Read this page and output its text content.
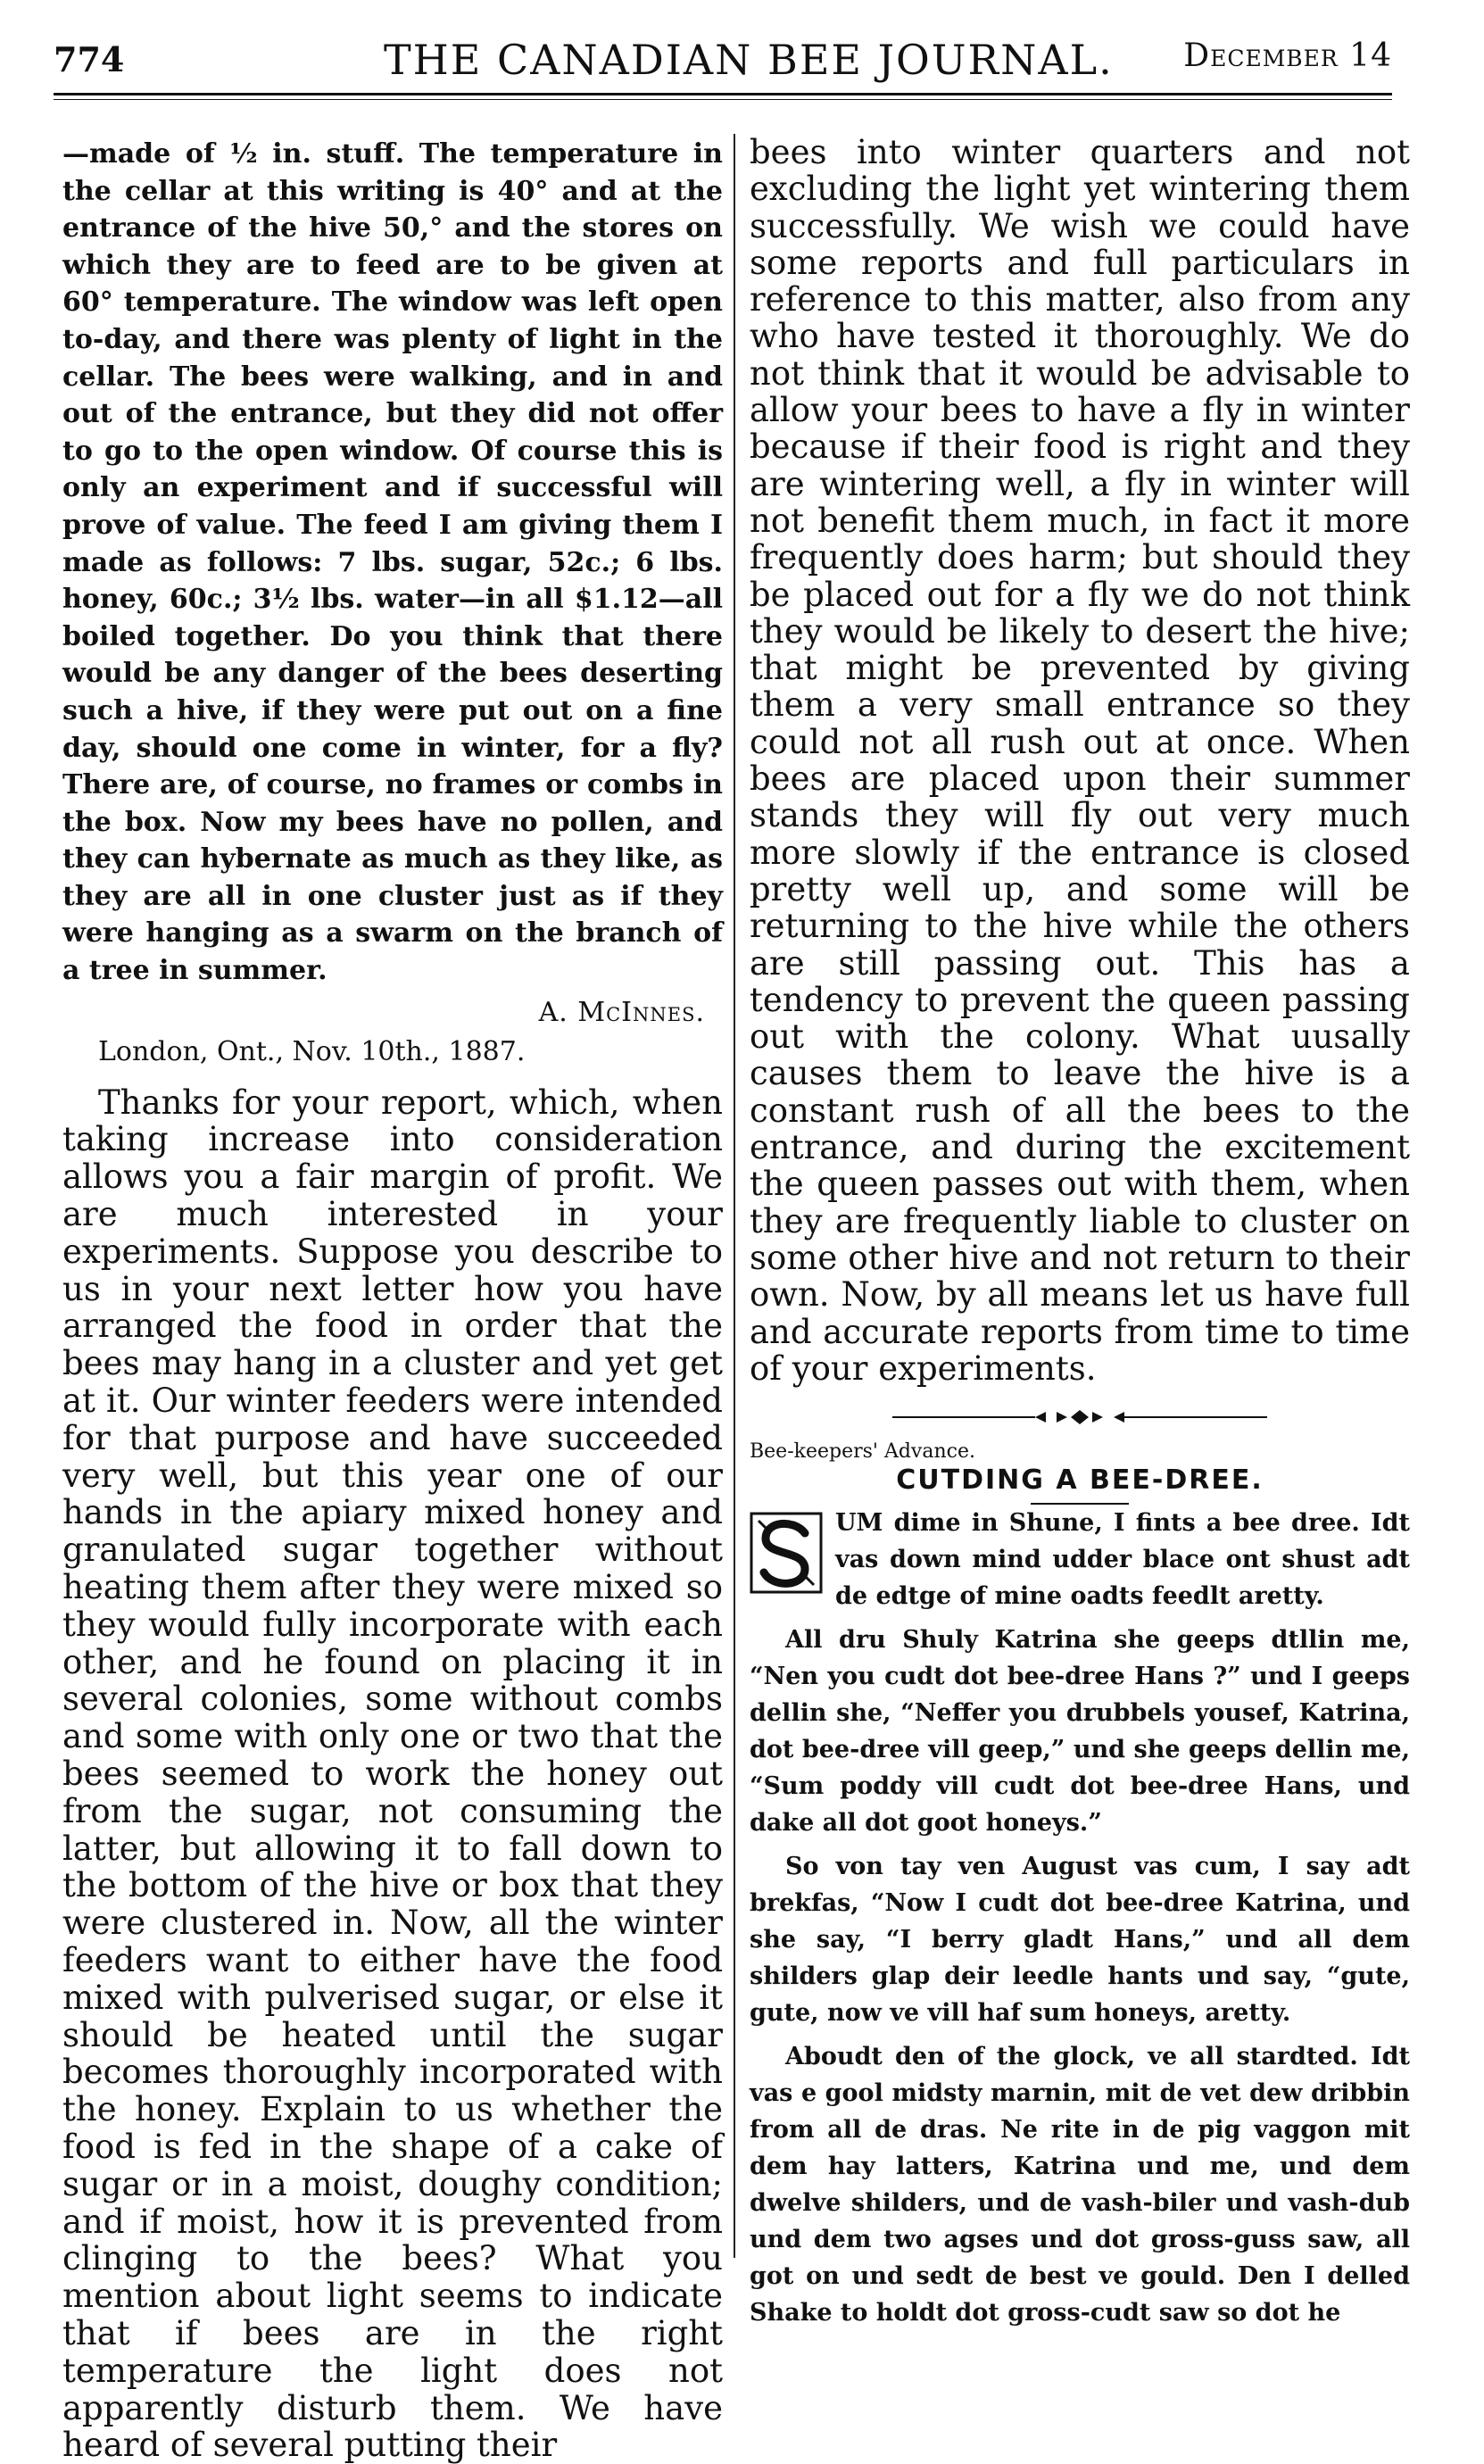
774	THE CANADIAN BEE JOURNAL. December 14

—made of ½ in. stuff. The temperature in the cellar at this writing is 40° and at the entrance of the hive 50,° and the stores on which they are to feed are to be given at 60° temperature. The window was left open to-day, and there was plenty of light in the cellar. The bees were walking, and in and out of the entrance, but they did not offer to go to the open window. Of course this is only an experiment and if successful will prove of value. The feed I am giving them I made as follows: 7 lbs. sugar, 52c.; 6 lbs. honey, 60c.; 3½ lbs. water—in all $1.12—all boiled together. Do you think that there would be any danger of the bees deserting such a hive, if they were put out on a fine day, should one come in winter, for a fly? There are, of course, no frames or combs in the box. Now my bees have no pollen, and they can hybernate as much as they like, as they are all in one cluster just as if they were hanging as a swarm on the branch of a tree in summer.

A. McInnes.
London, Ont., Nov. 10th., 1887.

Thanks for your report, which, when taking increase into consideration allows you a fair margin of profit. We are much interested in your experiments. Suppose you describe to us in your next letter how you have arranged the food in order that the bees may hang in a cluster and yet get at it. Our winter feeders were intended for that purpose and have succeeded very well, but this year one of our hands in the apiary mixed honey and granulated sugar together without heating them after they were mixed so they would fully incorporate with each other, and he found on placing it in several colonies, some without combs and some with only one or two that the bees seemed to work the honey out from the sugar, not consuming the latter, but allowing it to fall down to the bottom of the hive or box that they were clustered in. Now, all the winter feeders want to either have the food mixed with pulverised sugar, or else it should be heated until the sugar becomes thoroughly incorporated with the honey. Explain to us whether the food is fed in the shape of a cake of sugar or in a moist, doughy condition; and if moist, how it is prevented from clinging to the bees? What you mention about light seems to indicate that if bees are in the right temperature the light does not apparently disturb them. We have heard of several putting their

bees into winter quarters and not excluding the light yet wintering them successfully. We wish we could have some reports and full particulars in reference to this matter, also from any who have tested it thoroughly. We do not think that it would be advisable to allow your bees to have a fly in winter because if their food is right and they are wintering well, a fly in winter will not benefit them much, in fact it more frequently does harm; but should they be placed out for a fly we do not think they would be likely to desert the hive; that might be prevented by giving them a very small entrance so they could not all rush out at once. When bees are placed upon their summer stands they will fly out very much more slowly if the entrance is closed pretty well up, and some will be returning to the hive while the others are still passing out. This has a tendency to prevent the queen passing out with the colony. What uusally causes them to leave the hive is a constant rush of all the bees to the entrance, and during the excitement the queen passes out with them, when they are frequently liable to cluster on some other hive and not return to their own. Now, by all means let us have full and accurate reports from time to time of your experiments.

Bee-keepers' Advance.
CUTDING A BEE-DREE.

UM dime in Shune, I fints a bee dree. Idt vas down mind udder blace ont shust adt de edtge of mine oadts feedlt aretty.

All dru Shuly Katrina she geeps dtllin me, “Nen you cudt dot bee-dree Hans ?” und I geeps dellin she, “Neffer you drubbels yousef, Katrina, dot bee-dree vill geep,” und she geeps dellin me, “Sum poddy vill cudt dot bee-dree Hans, und dake all dot goot honeys.”

So von tay ven August vas cum, I say adt brekfas, “Now I cudt dot bee-dree Katrina, und she say, “I berry gladt Hans,” und all dem shilders glap deir leedle hants und say, “gute, gute, now ve vill haf sum honeys, aretty.

Aboudt den of the glock, ve all stardted. Idt vas e gool midsty marnin, mit de vet dew dribbin from all de dras. Ne rite in de pig vaggon mit dem hay latters, Katrina und me, und dem dwelve shilders, und de vash-biler und vash-dub und dem two agses und dot gross-guss saw, all got on und sedt de best ve gould. Den I delled Shake to holdt dot gross-cudt saw so dot he
